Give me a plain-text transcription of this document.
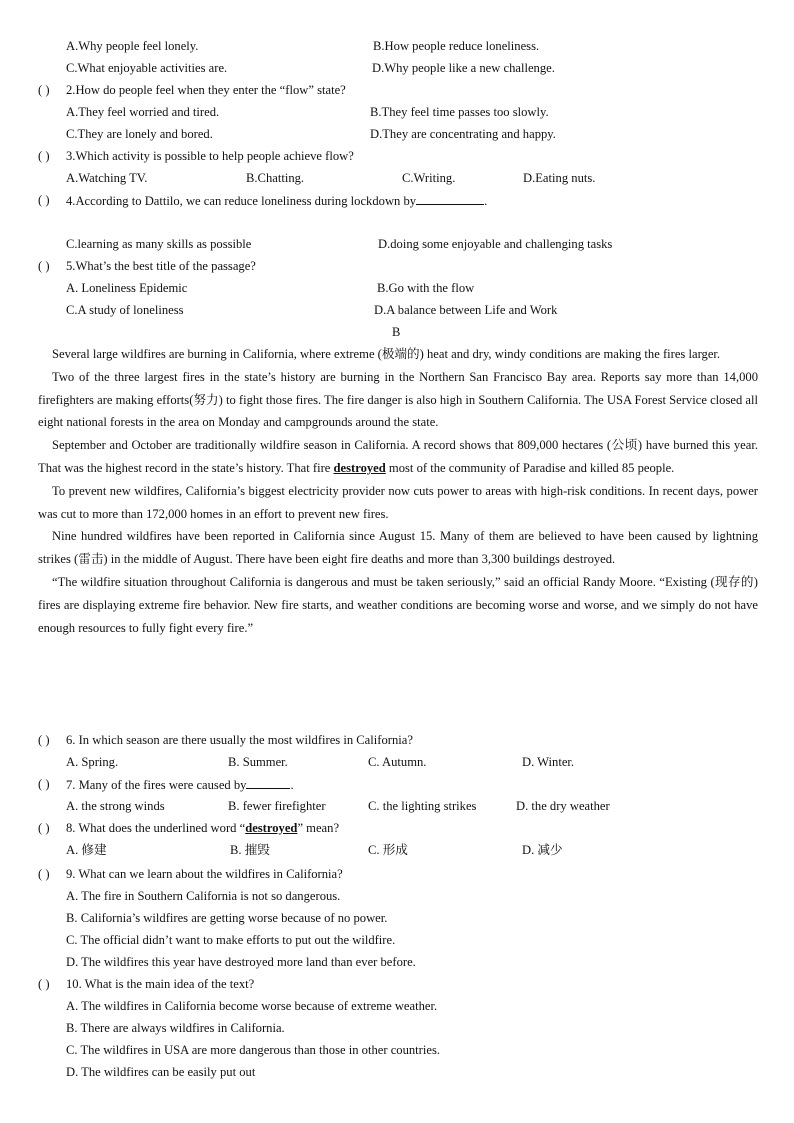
A.Why people feel lonely.	B.How people reduce loneliness.
C.What enjoyable activities are.	D.Why people like a new challenge.
( ) 2.How do people feel when they enter the “flow” state?
A.They feel worried and tired.	B.They feel time passes too slowly.
C.They are lonely and bored.	D.They are concentrating and happy.
( ) 3.Which activity is possible to help people achieve flow?
A.Watching TV.	B.Chatting.	C.Writing.	D.Eating nuts.
( ) 4.According to Dattilo, we can reduce loneliness during lockdown by	.
C.learning as many skills as possible	D.doing some enjoyable and challenging tasks
( ) 5.What’s the best title of the passage?
A. Loneliness Epidemic	B.Go with the flow
C.A study of loneliness	D.A balance between Life and Work
B

Several large wildfires are burning in California, where extreme (极端的) heat and dry, windy conditions are making the fires larger.

Two of the three largest fires in the state’s history are burning in the Northern San Francisco Bay area. Reports say more than 14,000 firefighters are making efforts(努力) to fight those fires. The fire danger is also high in Southern California. The USA Forest Service closed all eight national forests in the area on Monday and campgrounds around the state.

September and October are traditionally wildfire season in California. A record shows that 809,000 hectares (公顷) have burned this year. That was the highest record in the state’s history. That fire destroyed most of the community of Paradise and killed 85 people.

To prevent new wildfires, California’s biggest electricity provider now cuts power to areas with high-risk conditions. In recent days, power was cut to more than 172,000 homes in an effort to prevent new fires.

Nine hundred wildfires have been reported in California since August 15. Many of them are believed to have been caused by lightning strikes (雷击) in the middle of August. There have been eight fire deaths and more than 3,300 buildings destroyed.

“The wildfire situation throughout California is dangerous and must be taken seriously,” said an official Randy Moore. “Existing (现存的) fires are displaying extreme fire behavior. New fire starts, and weather conditions are becoming worse and worse, and we simply do not have enough resources to fully fight every fire.”

( ) 6. In which season are there usually the most wildfires in California?
A. Spring.	B. Summer.	C. Autumn.	D. Winter.
( ) 7. Many of the fires were caused by	.
A. the strong winds	B. fewer firefighter	C. the lighting strikes	D. the dry weather
( ) 8. What does the underlined word “destroyed” mean?
A. 修建	B. 摧毁	C. 形成	D. 减少
( ) 9. What can we learn about the wildfires in California?
A. The fire in Southern California is not so dangerous.
B. California’s wildfires are getting worse because of no power.
C. The official didn’t want to make efforts to put out the wildfire.
D. The wildfires this year have destroyed more land than ever before.
( ) 10. What is the main idea of the text?
A. The wildfires in California become worse because of extreme weather.
B. There are always wildfires in California.
C. The wildfires in USA are more dangerous than those in other countries.
D. The wildfires can be easily put out
